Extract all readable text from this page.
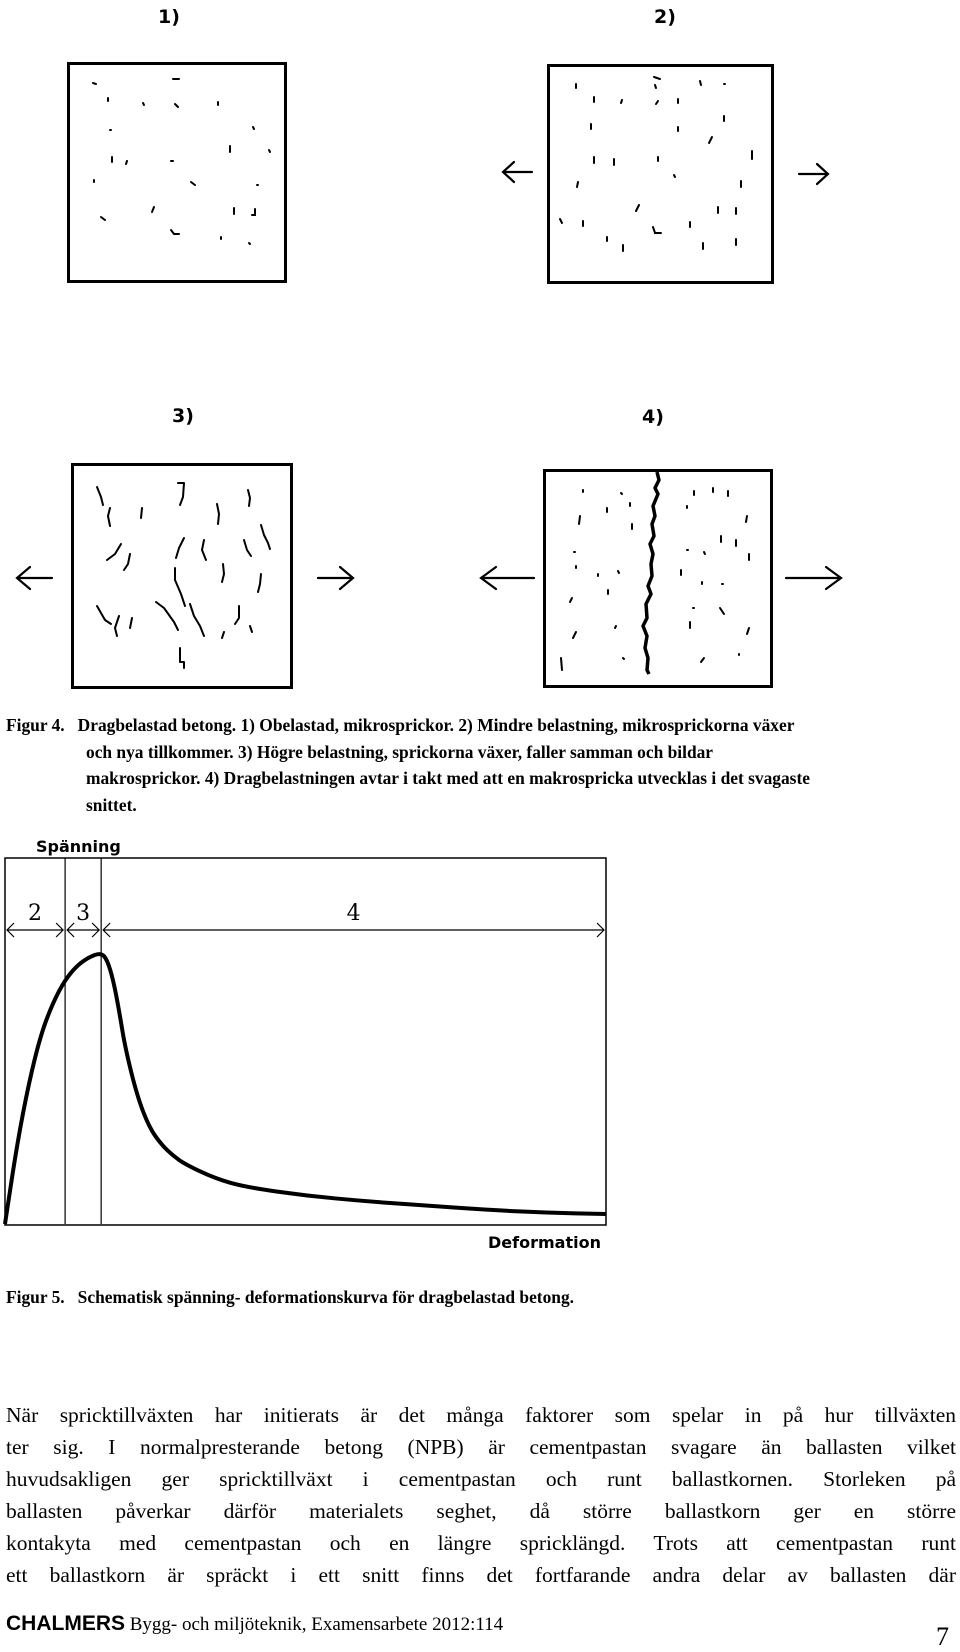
1)	2)
3)	4)
Figur 4. Dragbelastad betong. 1) Obelastad, mikrosprickor. 2) Mindre belastning, mikrosprickorna växer
och nya tillkommer. 3) Högre belastning, sprickorna växer, faller samman och bildar
makrosprickor. 4) Dragbelastningen avtar i takt med att en makrospricka utvecklas i det svagaste
snittet.
Spänning
Deformation
2 3	4
Figur 5. Schematisk spänning- deformationskurva för dragbelastad betong.
När spricktillväxten har initierats är det många faktorer som spelar in på hur tillväxten
ter sig. I normalpresterande betong (NPB) är cementpastan svagare än ballasten vilket
huvudsakligen ger spricktillväxt i cementpastan och runt ballastkornen. Storleken på
ballasten påverkar därför materialets seghet, då större ballastkorn ger en större
kontakyta med cementpastan och en längre spricklängd. Trots att cementpastan runt
ett ballastkorn är spräckt i ett snitt finns det fortfarande andra delar av ballasten där
CHALMERS Bygg- och miljöteknik, Examensarbete 2012:114	7
